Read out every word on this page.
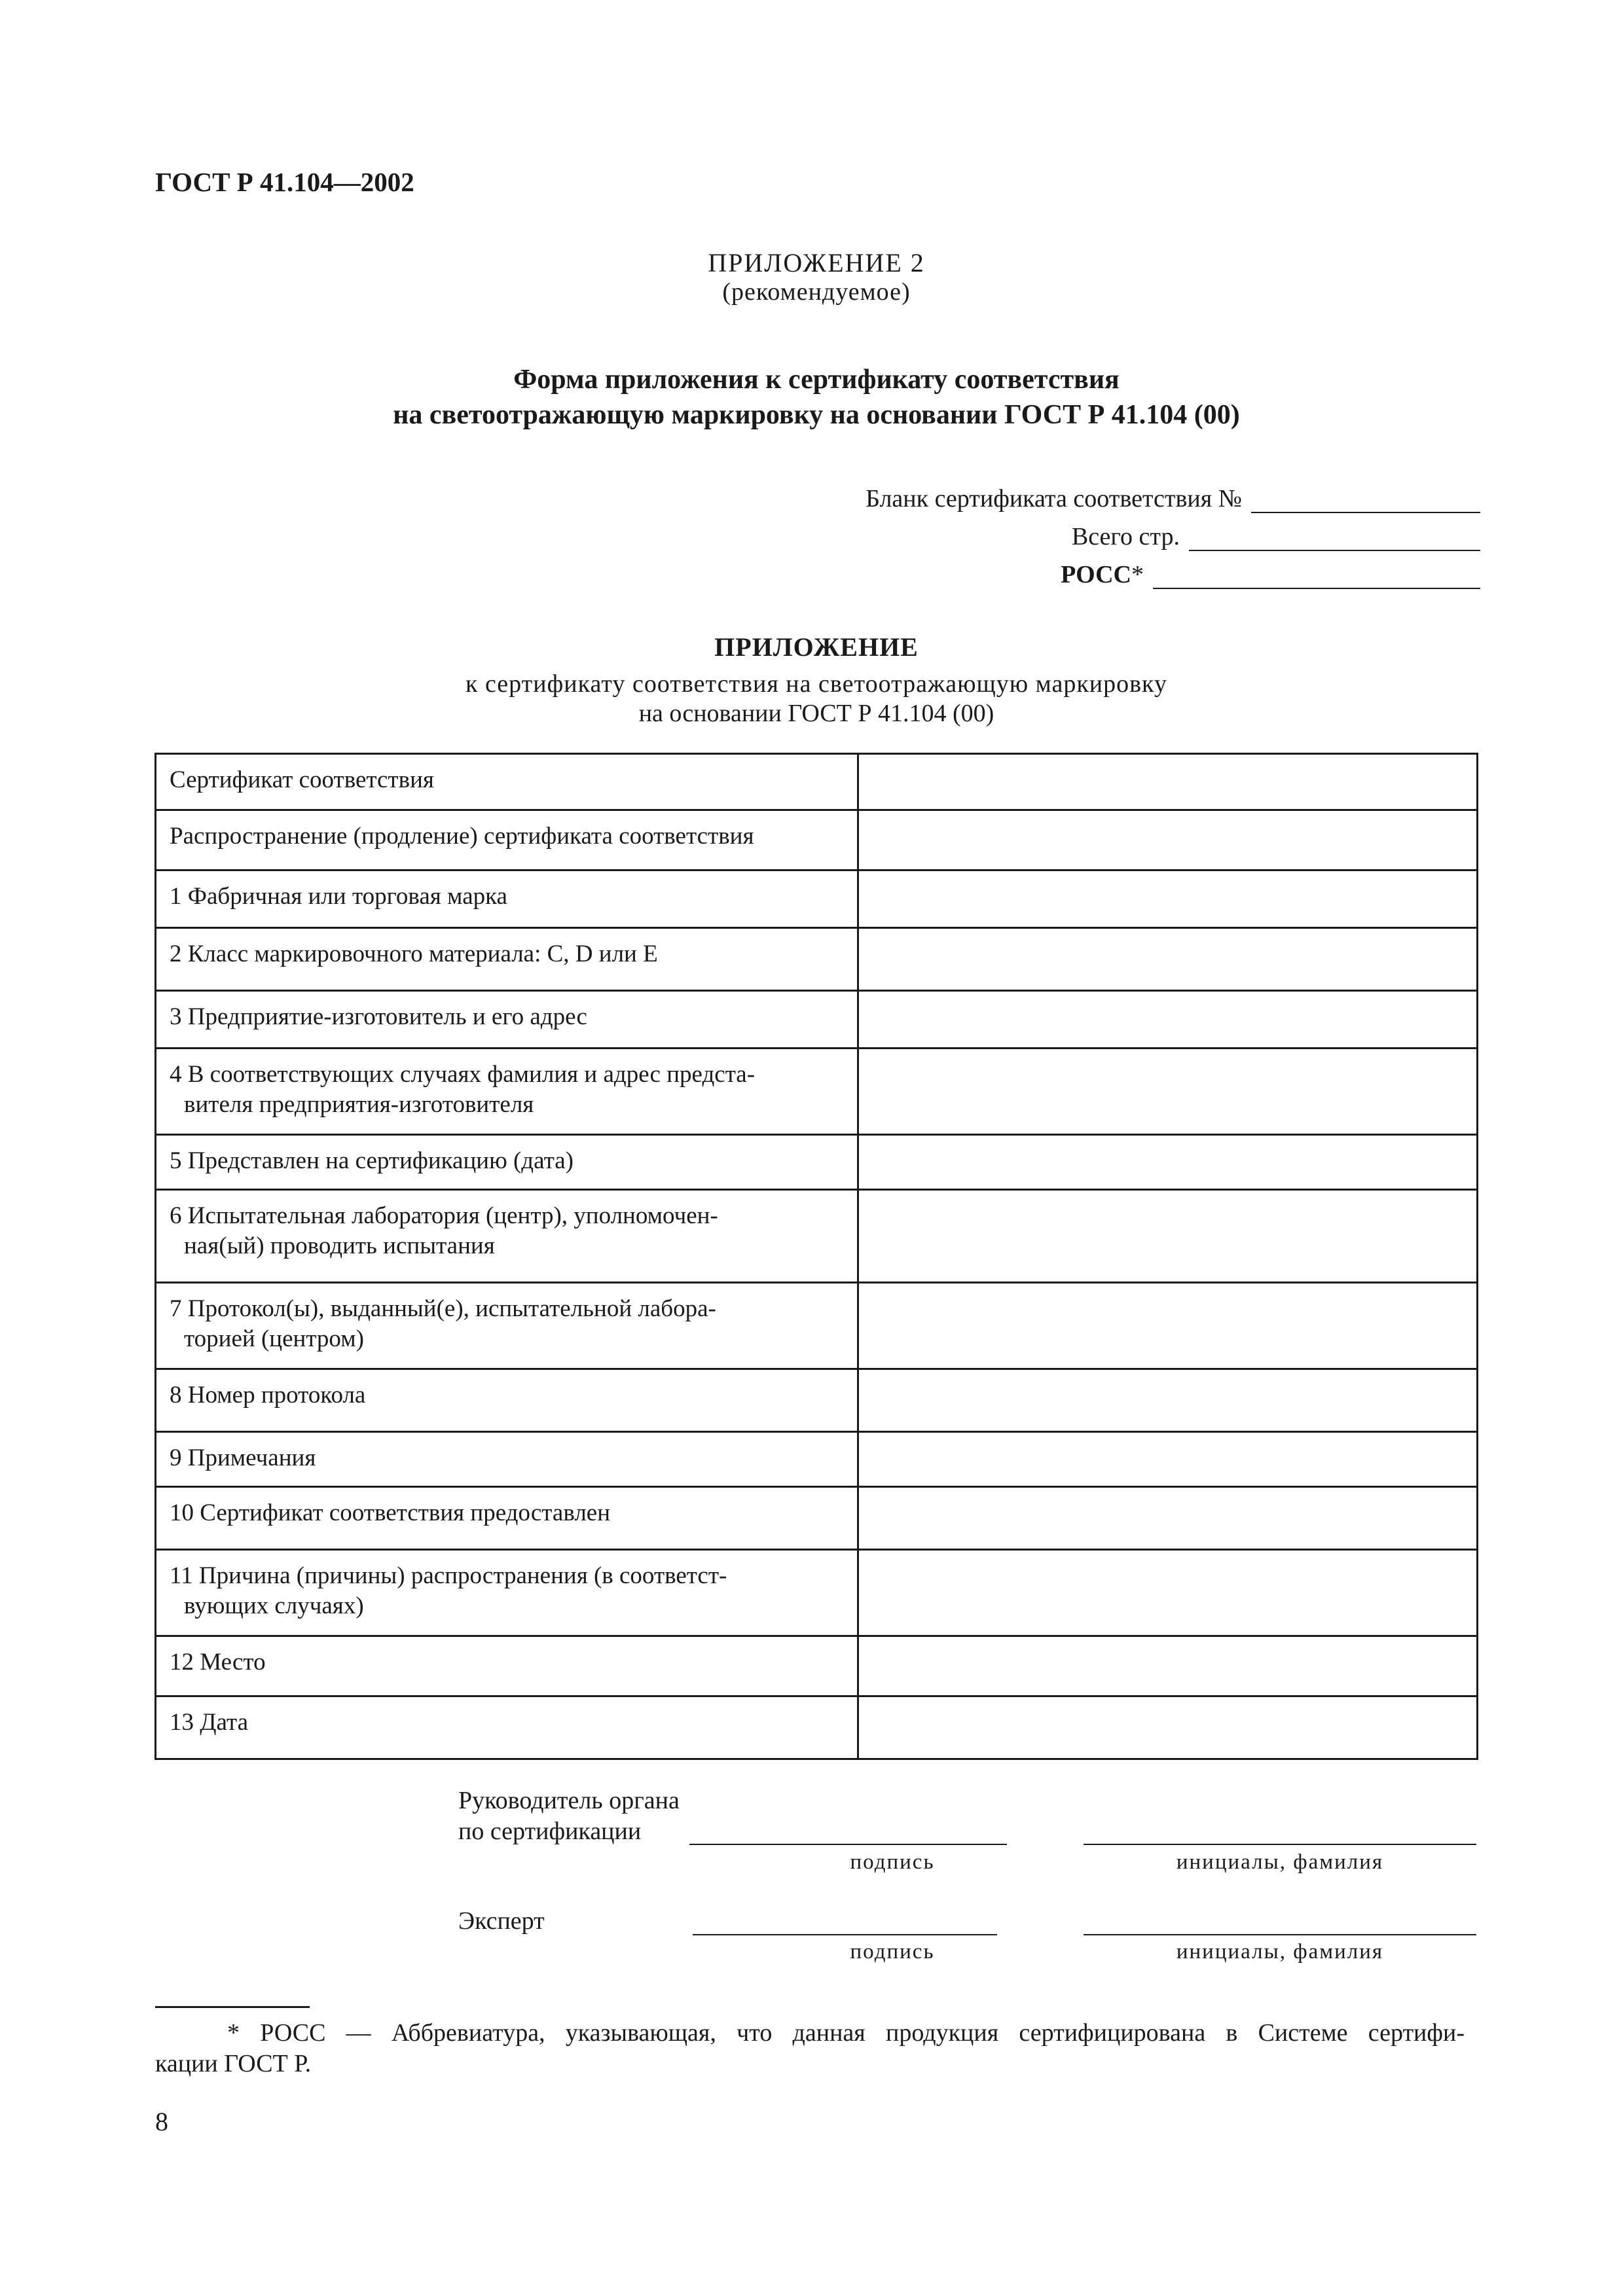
ГОСТ Р 41.104—2002
ПРИЛОЖЕНИЕ 2
(рекомендуемое)
Форма приложения к сертификату соответствия
на светоотражающую маркировку на основании ГОСТ Р 41.104 (00)
Бланк сертификата соответствия №
Всего стр.
РОСС *
ПРИЛОЖЕНИЕ
к сертификату соответствия на светоотражающую маркировку
на основании ГОСТ Р 41.104 (00)
Сертификат соответствия	
Распространение (продление) сертификата соответствия	
1 Фабричная или торговая марка	
2 Класс маркировочного материала: C, D или E	
3 Предприятие-изготовитель и его адрес	
4 В соответствующих случаях фамилия и адрес предста-
вителя предприятия-изготовителя	

5 Представлен на сертификацию (дата)	
6 Испытательная лаборатория (центр), уполномочен-
ная(ый) проводить испытания	

7 Протокол(ы), выданный(е), испытательной лабора-
торией (центром)	

8 Номер протокола	
9 Примечания	
10 Сертификат соответствия предоставлен	
11 Причина (причины) распространения (в соответст-
вующих случаях)	

12 Место	
13 Дата	
Руководитель органа
по сертификации
подпись	инициалы, фамилия
Эксперт
подпись	инициалы, фамилия
* РОСС — Аббревиатура, указывающая, что данная продукция сертифицирована в Системе сертифи-
кации ГОСТ Р.
8
